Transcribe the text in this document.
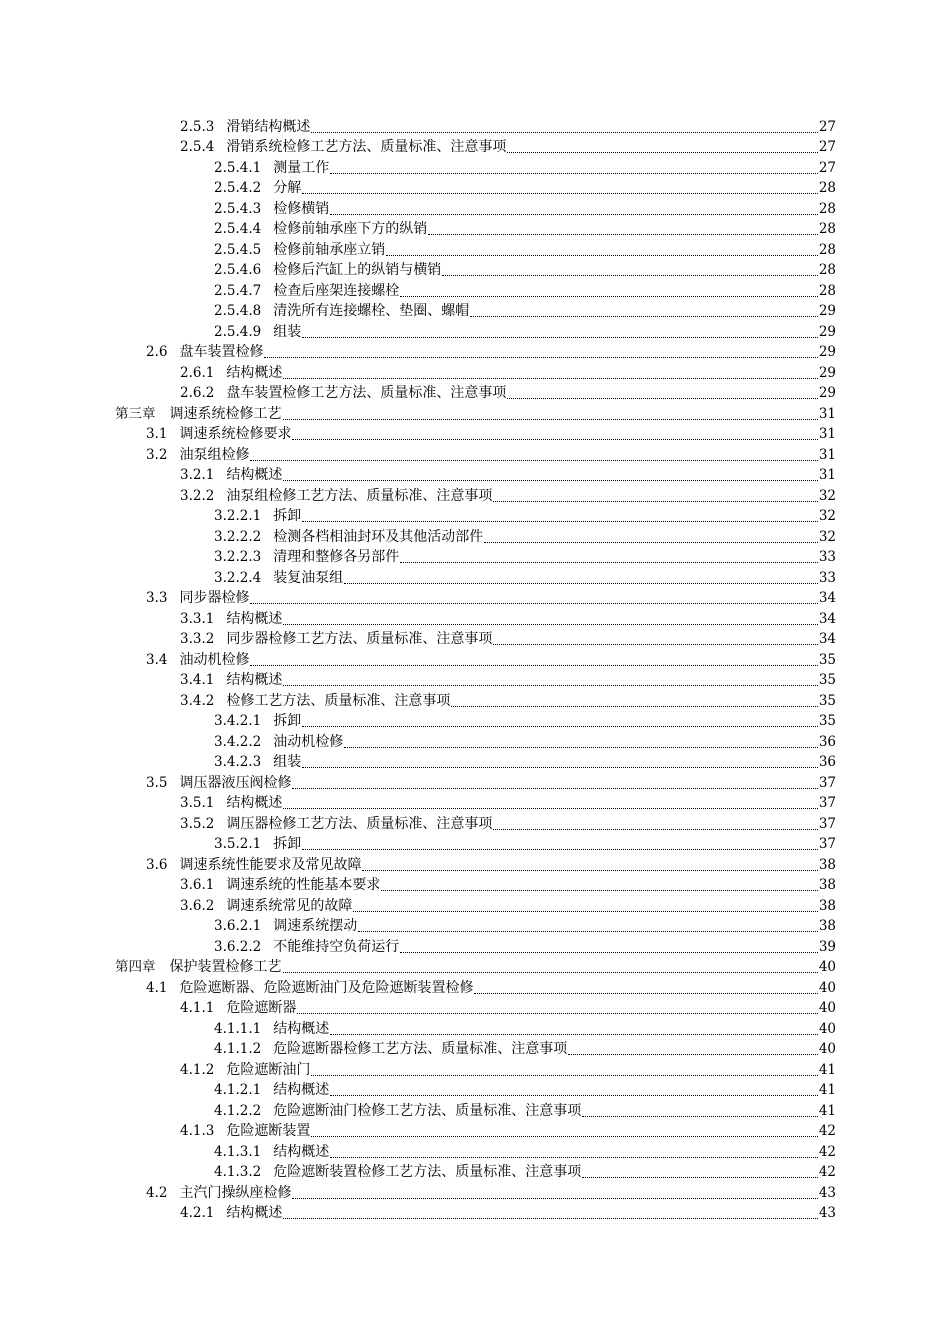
2.5.3 滑销结构概述	27
2.5.4 滑销系统检修工艺方法、质量标准、注意事项	27
2.5.4.1 测量工作	27
2.5.4.2 分解	28
2.5.4.3 检修横销	28
2.5.4.4 检修前轴承座下方的纵销	28
2.5.4.5 检修前轴承座立销	28
2.5.4.6 检修后汽缸上的纵销与横销	28
2.5.4.7 检查后座架连接螺栓	28
2.5.4.8 清洗所有连接螺栓、垫圈、螺帽	29
2.5.4.9 组装	29
2.6 盘车装置检修	29
2.6.1 结构概述	29
2.6.2 盘车装置检修工艺方法、质量标准、注意事项	29
第三章 调速系统检修工艺	31
3.1 调速系统检修要求	31
3.2 油泵组检修	31
3.2.1 结构概述	31
3.2.2 油泵组检修工艺方法、质量标准、注意事项	32
3.2.2.1 拆卸	32
3.2.2.2 检测各档相油封环及其他活动部件	32
3.2.2.3 清理和整修各另部件	33
3.2.2.4 装复油泵组	33
3.3 同步器检修	34
3.3.1 结构概述	34
3.3.2 同步器检修工艺方法、质量标准、注意事项	34
3.4 油动机检修	35
3.4.1 结构概述	35
3.4.2 检修工艺方法、质量标准、注意事项	35
3.4.2.1 拆卸	35
3.4.2.2 油动机检修	36
3.4.2.3 组装	36
3.5 调压器液压阀检修	37
3.5.1 结构概述	37
3.5.2 调压器检修工艺方法、质量标准、注意事项	37
3.5.2.1 拆卸	37
3.6 调速系统性能要求及常见故障	38
3.6.1 调速系统的性能基本要求	38
3.6.2 调速系统常见的故障	38
3.6.2.1 调速系统摆动	38
3.6.2.2 不能维持空负荷运行	39
第四章 保护装置检修工艺	40
4.1 危险遮断器、危险遮断油门及危险遮断装置检修	40
4.1.1 危险遮断器	40
4.1.1.1 结构概述	40
4.1.1.2 危险遮断器检修工艺方法、质量标准、注意事项	40
4.1.2 危险遮断油门	41
4.1.2.1 结构概述	41
4.1.2.2 危险遮断油门检修工艺方法、质量标准、注意事项	41
4.1.3 危险遮断装置	42
4.1.3.1 结构概述	42
4.1.3.2 危险遮断装置检修工艺方法、质量标准、注意事项	42
4.2 主汽门操纵座检修	43
4.2.1 结构概述	43
